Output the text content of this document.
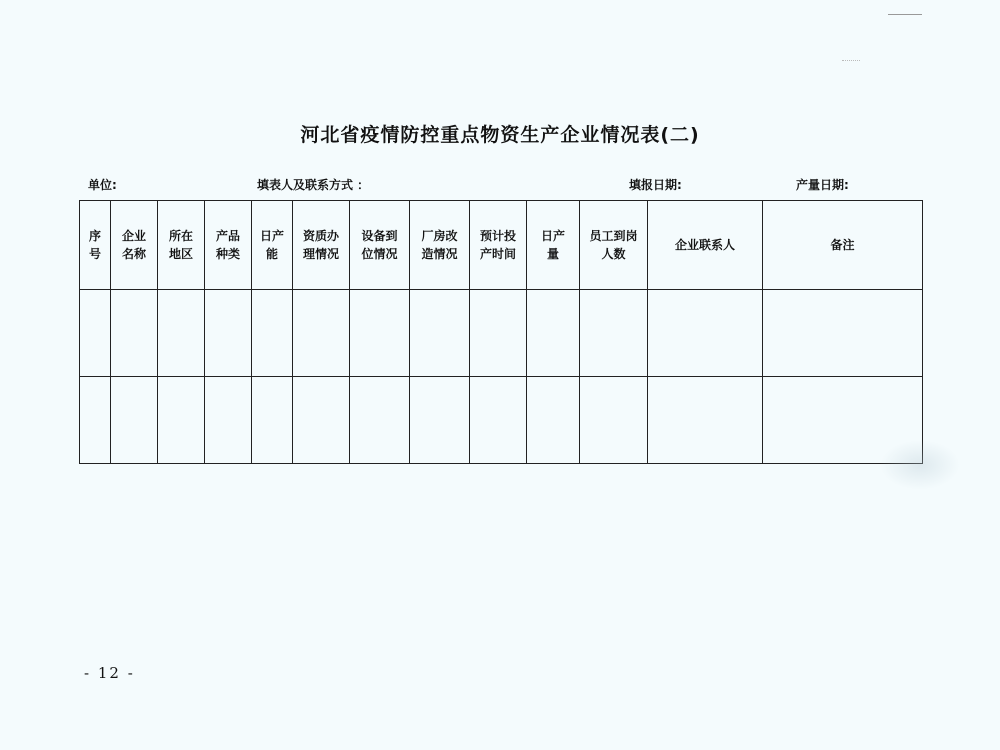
河北省疫情防控重点物资生产企业情况表(二)
单位:	填表人及联系方式 ：	填报日期:	产量日期:
序号	企业名称	所在地区	产品种类	日产能	资质办理情况	设备到位情况	厂房改造情况	预计投产时间	日产量	员工到岗人数	企业联系人	备注

- 12 -
